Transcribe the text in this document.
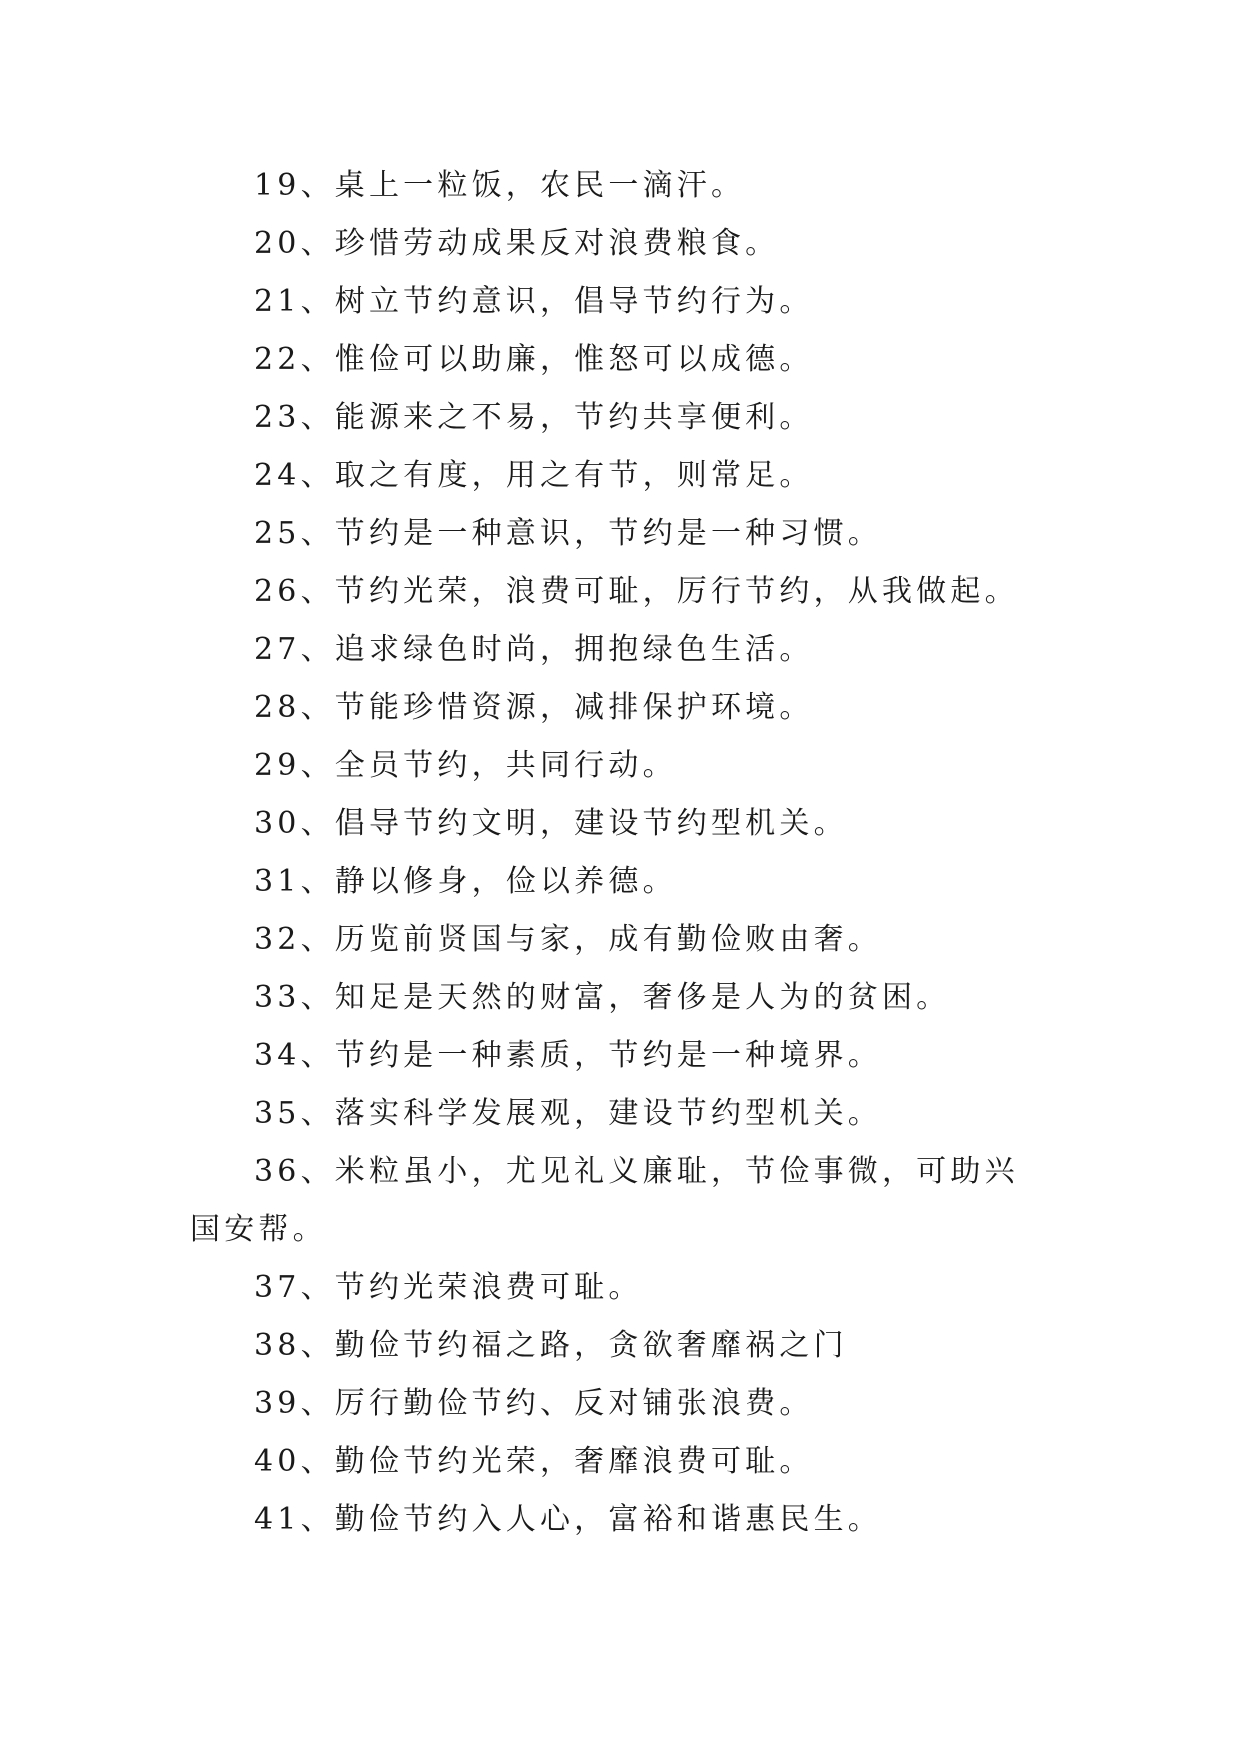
19、桌上一粒饭，农民一滴汗。
20、珍惜劳动成果反对浪费粮食。
21、树立节约意识，倡导节约行为。
22、惟俭可以助廉，惟怒可以成德。
23、能源来之不易，节约共享便利。
24、取之有度，用之有节，则常足。
25、节约是一种意识，节约是一种习惯。
26、节约光荣，浪费可耻，厉行节约，从我做起。
27、追求绿色时尚，拥抱绿色生活。
28、节能珍惜资源，减排保护环境。
29、全员节约，共同行动。
30、倡导节约文明，建设节约型机关。
31、静以修身，俭以养德。
32、历览前贤国与家，成有勤俭败由奢。
33、知足是天然的财富，奢侈是人为的贫困。
34、节约是一种素质，节约是一种境界。
35、落实科学发展观，建设节约型机关。
36、米粒虽小，尤见礼义廉耻，节俭事微，可助兴国安帮。
37、节约光荣浪费可耻。
38、勤俭节约福之路，贪欲奢靡祸之门
39、厉行勤俭节约、反对铺张浪费。
40、勤俭节约光荣，奢靡浪费可耻。
41、勤俭节约入人心，富裕和谐惠民生。
